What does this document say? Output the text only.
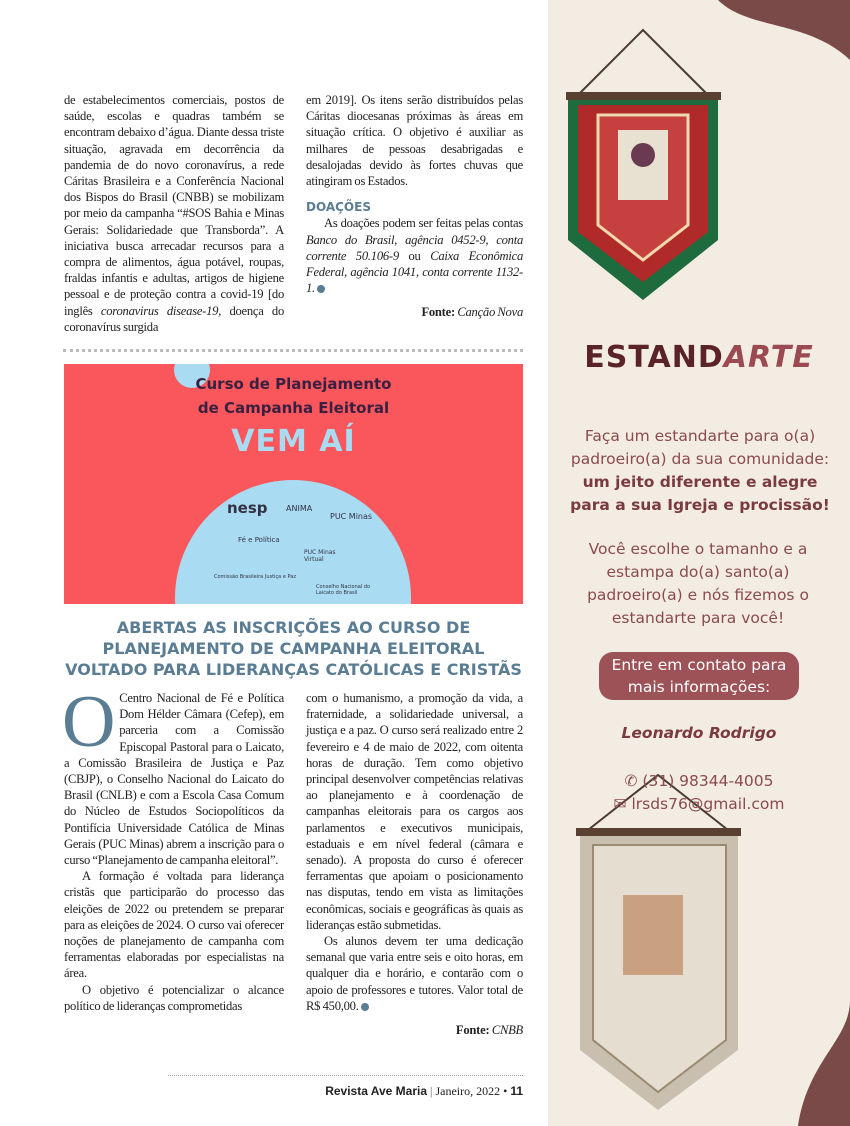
de estabelecimentos comerciais, postos de saúde, escolas e quadras também se encontram debaixo d’água. Diante dessa triste situação, agravada em decorrência da pandemia de do novo coronavírus, a rede Cáritas Brasileira e a Conferência Nacional dos Bispos do Brasil (CNBB) se mobilizam por meio da campanha “#SOS Bahia e Minas Gerais: Solidariedade que Transborda”. A iniciativa busca arrecadar recursos para a compra de alimentos, água potável, roupas, fraldas infantis e adultas, artigos de higiene pessoal e de proteção contra a covid-19 [do inglês coronavirus disease-19, doença do coronavírus surgida

em 2019]. Os itens serão distribuídos pelas Cáritas diocesanas próximas às áreas em situação crítica. O objetivo é auxiliar as milhares de pessoas desabrigadas e desalojadas devido às fortes chuvas que atingiram os Estados.

DOAÇÕES

As doações podem ser feitas pelas contas Banco do Brasil, agência 0452-9, conta corrente 50.106-9 ou Caixa Econômica Federal, agência 1041, conta corrente 1132-1.

Fonte: Canção Nova
Curso de Planejamento
de Campanha Eleitoral
VEM AÍ
nesp ANIMA
PUC Minas
Fé e Política
PUC Minas Virtual
Comissão Brasileira Justiça e Paz
Conselho Nacional do Laicato do Brasil
ABERTAS AS INSCRIÇÕES AO CURSO DE PLANEJAMENTO DE CAMPANHA ELEITORAL VOLTADO PARA LIDERANÇAS CATÓLICAS E CRISTÃS

O Centro Nacional de Fé e Política Dom Hélder Câmara (Cefep), em parceria com a Comissão Episcopal Pastoral para o Laicato, a Comissão Brasileira de Justiça e Paz (CBJP), o Conselho Nacional do Laicato do Brasil (CNLB) e com a Escola Casa Comum do Núcleo de Estudos Sociopolíticos da Pontifícia Universidade Católica de Minas Gerais (PUC Minas) abrem a inscrição para o curso “Planejamento de campanha eleitoral”.

A formação é voltada para liderança cristãs que participarão do processo das eleições de 2022 ou pretendem se preparar para as eleições de 2024. O curso vai oferecer noções de planejamento de campanha com ferramentas elaboradas por especialistas na área.

O objetivo é potencializar o alcance político de lideranças comprometidas

com o humanismo, a promoção da vida, a fraternidade, a solidariedade universal, a justiça e a paz. O curso será realizado entre 2 fevereiro e 4 de maio de 2022, com oitenta horas de duração. Tem como objetivo principal desenvolver competências relativas ao planejamento e à coordenação de campanhas eleitorais para os cargos aos parlamentos e executivos municipais, estaduais e em nível federal (câmara e senado). A proposta do curso é oferecer ferramentas que apoiam o posicionamento nas disputas, tendo em vista as limitações econômicas, sociais e geográficas às quais as lideranças estão submetidas.

Os alunos devem ter uma dedicação semanal que varia entre seis e oito horas, em qualquer dia e horário, e contarão com o apoio de professores e tutores. Valor total de R$ 450,00.

Fonte: CNBB
Revista Ave Maria | Janeiro, 2022 • 11
ESTANDARTE
Faça um estandarte para o(a) padroeiro(a) da sua comunidade:
um jeito diferente e alegre para a sua Igreja e procissão!
Você escolhe o tamanho e a estampa do(a) santo(a) padroeiro(a) e nós fizemos o estandarte para você!
Entre em contato para mais informações:
Leonardo Rodrigo
✆ (31) 98344-4005
✉ lrsds76@gmail.com
